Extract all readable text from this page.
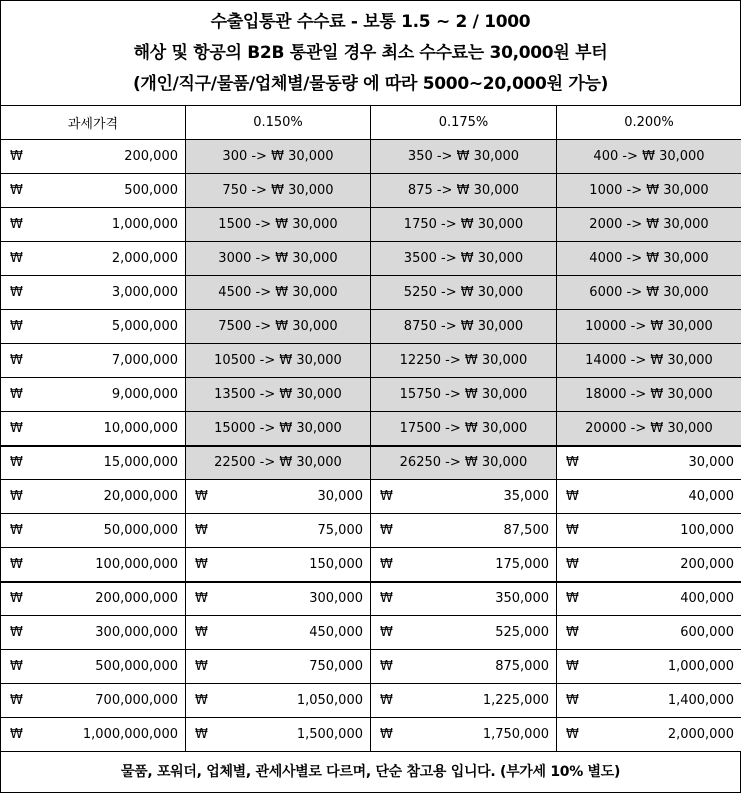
수출입통관 수수료 - 보통 1.5 ~ 2 / 1000
해상 및 항공의 B2B 통관일 경우 최소 수수료는 30,000원 부터
(개인/직구/물품/업체별/물동량 에 따라 5000~20,000원 가능)
과세가격	0.150%	0.175%	0.200%

₩ 200,000	300 -> ₩ 30,000	350 -> ₩ 30,000	400 -> ₩ 30,000

₩ 500,000	750 -> ₩ 30,000	875 -> ₩ 30,000	1000 -> ₩ 30,000

₩ 1,000,000	1500 -> ₩ 30,000	1750 -> ₩ 30,000	2000 -> ₩ 30,000

₩ 2,000,000	3000 -> ₩ 30,000	3500 -> ₩ 30,000	4000 -> ₩ 30,000

₩ 3,000,000	4500 -> ₩ 30,000	5250 -> ₩ 30,000	6000 -> ₩ 30,000

₩ 5,000,000	7500 -> ₩ 30,000	8750 -> ₩ 30,000	10000 -> ₩ 30,000

₩ 7,000,000	10500 -> ₩ 30,000	12250 -> ₩ 30,000	14000 -> ₩ 30,000

₩ 9,000,000	13500 -> ₩ 30,000	15750 -> ₩ 30,000	18000 -> ₩ 30,000

₩ 10,000,000	15000 -> ₩ 30,000	17500 -> ₩ 30,000	20000 -> ₩ 30,000

₩ 15,000,000	22500 -> ₩ 30,000	26250 -> ₩ 30,000	₩ 30,000

₩ 20,000,000	₩ 30,000	₩ 35,000	₩ 40,000

₩ 50,000,000	₩ 75,000	₩ 87,500	₩ 100,000

₩ 100,000,000	₩ 150,000	₩ 175,000	₩ 200,000

₩ 200,000,000	₩ 300,000	₩ 350,000	₩ 400,000

₩ 300,000,000	₩ 450,000	₩ 525,000	₩ 600,000

₩ 500,000,000	₩ 750,000	₩ 875,000	₩ 1,000,000

₩ 700,000,000	₩ 1,050,000	₩ 1,225,000	₩ 1,400,000

₩ 1,000,000,000	₩ 1,500,000	₩ 1,750,000	₩ 2,000,000
물품, 포워더, 업체별, 관세사별로 다르며, 단순 참고용 입니다. (부가세 10% 별도)
